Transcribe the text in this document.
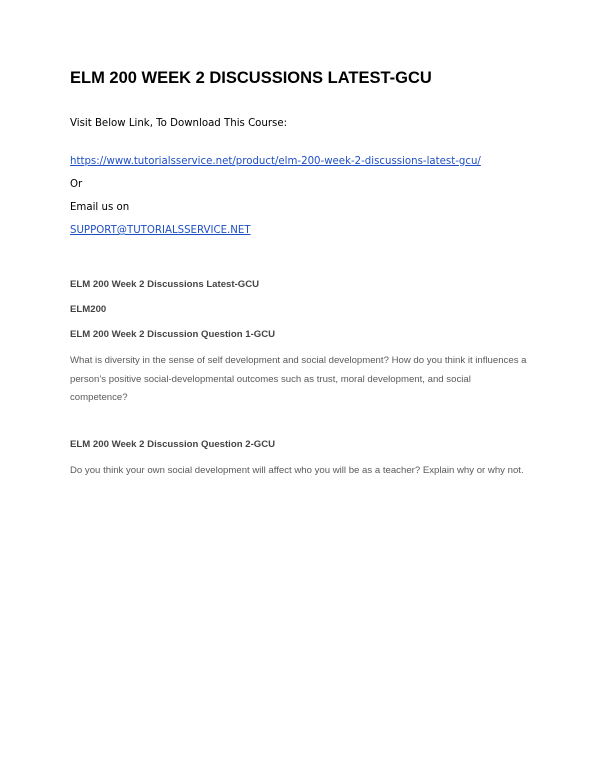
ELM 200 WEEK 2 DISCUSSIONS LATEST-GCU

Visit Below Link, To Download This Course:

https://www.tutorialsservice.net/product/elm-200-week-2-discussions-latest-gcu/

Or

Email us on

SUPPORT@TUTORIALSSERVICE.NET

ELM 200 Week 2 Discussions Latest-GCU

ELM200

ELM 200 Week 2 Discussion Question 1-GCU

What is diversity in the sense of self development and social development? How do you think it influences a person’s positive social-developmental outcomes such as trust, moral development, and social competence?

ELM 200 Week 2 Discussion Question 2-GCU

Do you think your own social development will affect who you will be as a teacher? Explain why or why not.
